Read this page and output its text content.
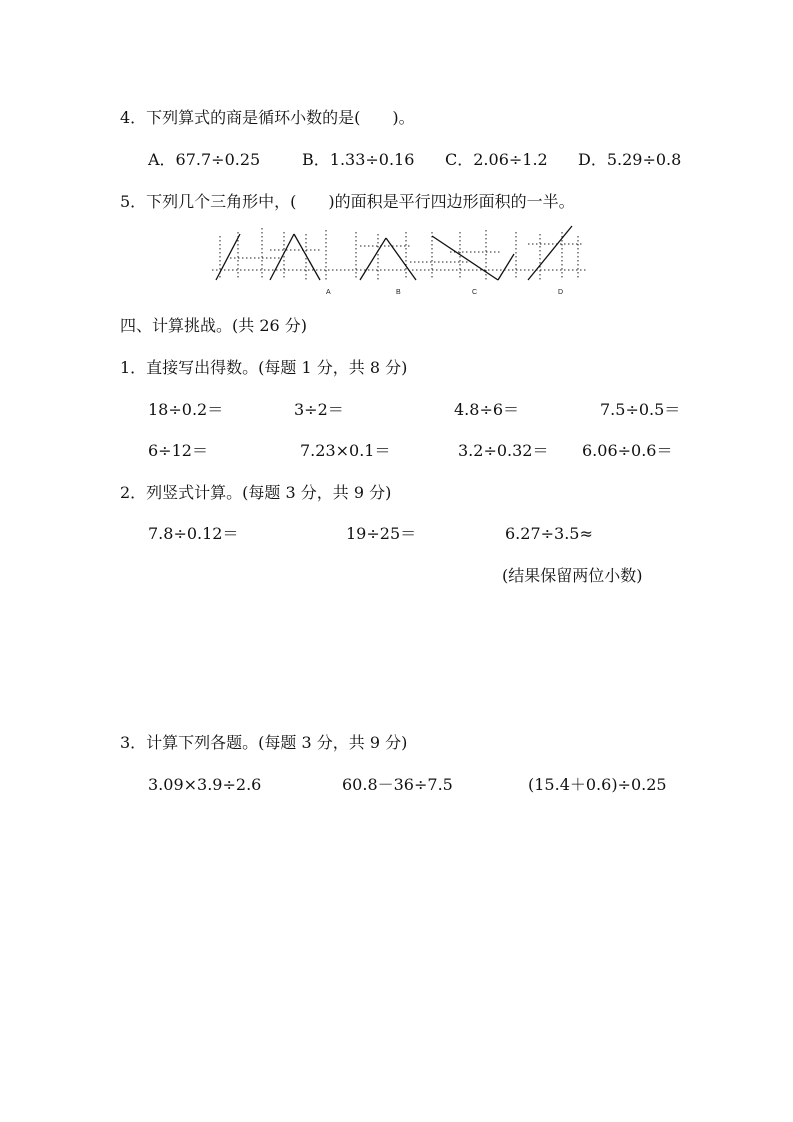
4．下列算式的商是循环小数的是(　　)。
A．67.7÷0.25	B．1.33÷0.16 C．2.06÷1.2 D．5.29÷0.8
5．下列几个三角形中，(　　)的面积是平行四边形面积的一半。
A	B	C	D
四、计算挑战。(共 26 分)
1．直接写出得数。(每题 1 分，共 8 分)
18÷0.2＝	3÷2＝	4.8÷6＝	7.5÷0.5＝
6÷12＝	7.23×0.1＝	3.2÷0.32＝ 6.06÷0.6＝
2．列竖式计算。(每题 3 分，共 9 分)
7.8÷0.12＝	19÷25＝	6.27÷3.5≈
(结果保留两位小数)
3．计算下列各题。(每题 3 分，共 9 分)
3.09×3.9÷2.6	60.8－36÷7.5	(15.4＋0.6)÷0.25
